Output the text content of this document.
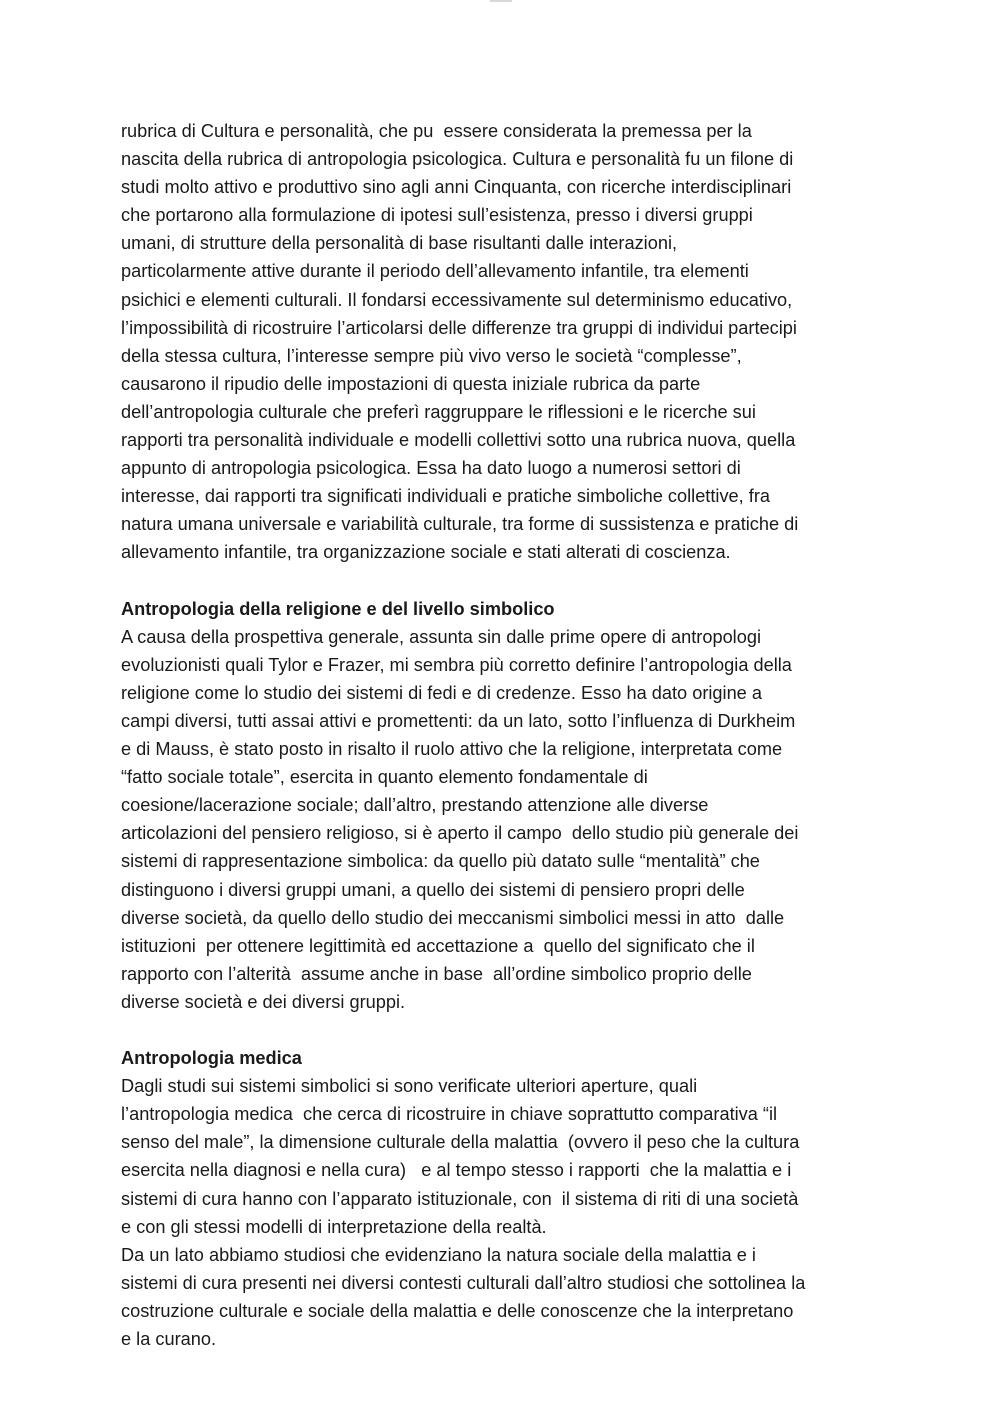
rubrica di Cultura e personalità, che pu  essere considerata la premessa per la
nascita della rubrica di antropologia psicologica. Cultura e personalità fu un filone di
studi molto attivo e produttivo sino agli anni Cinquanta, con ricerche interdisciplinari
che portarono alla formulazione di ipotesi sull’esistenza, presso i diversi gruppi
umani, di strutture della personalità di base risultanti dalle interazioni,
particolarmente attive durante il periodo dell’allevamento infantile, tra elementi
psichici e elementi culturali. Il fondarsi eccessivamente sul determinismo educativo,
l’impossibilità di ricostruire l’articolarsi delle differenze tra gruppi di individui partecipi
della stessa cultura, l’interesse sempre più vivo verso le società “complesse”,
causarono il ripudio delle impostazioni di questa iniziale rubrica da parte
dell’antropologia culturale che preferì raggruppare le riflessioni e le ricerche sui
rapporti tra personalità individuale e modelli collettivi sotto una rubrica nuova, quella
appunto di antropologia psicologica. Essa ha dato luogo a numerosi settori di
interesse, dai rapporti tra significati individuali e pratiche simboliche collettive, fra
natura umana universale e variabilità culturale, tra forme di sussistenza e pratiche di
allevamento infantile, tra organizzazione sociale e stati alterati di coscienza.

Antropologia della religione e del livello simbolico
A causa della prospettiva generale, assunta sin dalle prime opere di antropologi
evoluzionisti quali Tylor e Frazer, mi sembra più corretto definire l’antropologia della
religione come lo studio dei sistemi di fedi e di credenze. Esso ha dato origine a
campi diversi, tutti assai attivi e promettenti: da un lato, sotto l’influenza di Durkheim
e di Mauss, è stato posto in risalto il ruolo attivo che la religione, interpretata come
“fatto sociale totale”, esercita in quanto elemento fondamentale di
coesione/lacerazione sociale; dall’altro, prestando attenzione alle diverse
articolazioni del pensiero religioso, si è aperto il campo  dello studio più generale dei
sistemi di rappresentazione simbolica: da quello più datato sulle “mentalità” che
distinguono i diversi gruppi umani, a quello dei sistemi di pensiero propri delle
diverse società, da quello dello studio dei meccanismi simbolici messi in atto  dalle
istituzioni  per ottenere legittimità ed accettazione a  quello del significato che il
rapporto con l’alterità  assume anche in base  all’ordine simbolico proprio delle
diverse società e dei diversi gruppi.

Antropologia medica
Dagli studi sui sistemi simbolici si sono verificate ulteriori aperture, quali
l’antropologia medica  che cerca di ricostruire in chiave soprattutto comparativa “il
senso del male”, la dimensione culturale della malattia  (ovvero il peso che la cultura
esercita nella diagnosi e nella cura)   e al tempo stesso i rapporti  che la malattia e i
sistemi di cura hanno con l’apparato istituzionale, con  il sistema di riti di una società
e con gli stessi modelli di interpretazione della realtà.
Da un lato abbiamo studiosi che evidenziano la natura sociale della malattia e i
sistemi di cura presenti nei diversi contesti culturali dall’altro studiosi che sottolinea la
costruzione culturale e sociale della malattia e delle conoscenze che la interpretano
e la curano.
